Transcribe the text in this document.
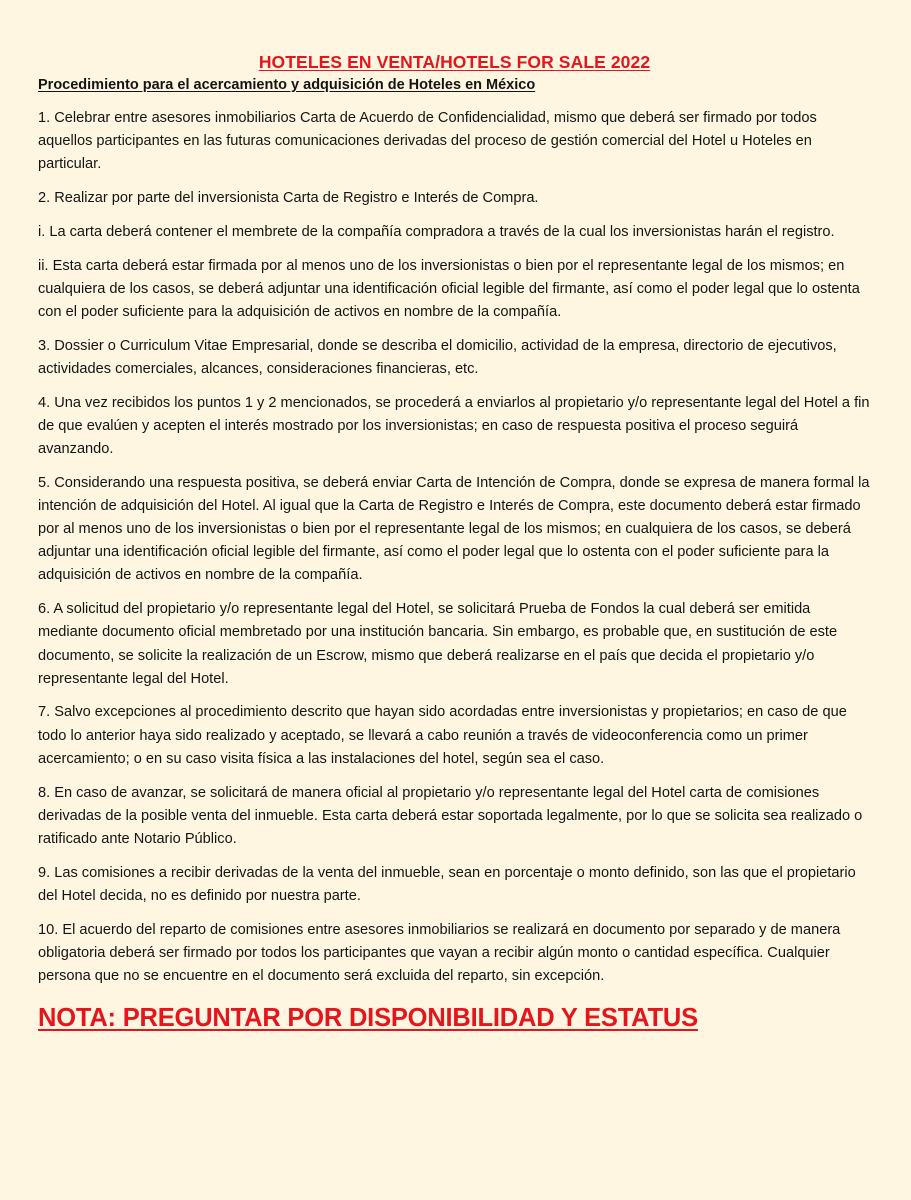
HOTELES EN VENTA/HOTELS FOR SALE 2022
Procedimiento para el acercamiento y adquisición de Hoteles en México
1. Celebrar entre asesores inmobiliarios Carta de Acuerdo de Confidencialidad, mismo que deberá ser firmado por todos aquellos participantes en las futuras comunicaciones derivadas del proceso de gestión comercial del Hotel u Hoteles en particular.
2. Realizar por parte del inversionista Carta de Registro e Interés de Compra.
i. La carta deberá contener el membrete de la compañía compradora a través de la cual los inversionistas harán el registro.
ii. Esta carta deberá estar firmada por al menos uno de los inversionistas o bien por el representante legal de los mismos; en cualquiera de los casos, se deberá adjuntar una identificación oficial legible del firmante, así como el poder legal que lo ostenta con el poder suficiente para la adquisición de activos en nombre de la compañía.
3. Dossier o Curriculum Vitae Empresarial, donde se describa el domicilio, actividad de la empresa, directorio de ejecutivos, actividades comerciales, alcances, consideraciones financieras, etc.
4. Una vez recibidos los puntos 1 y 2 mencionados, se procederá a enviarlos al propietario y/o representante legal del Hotel a fin de que evalúen y acepten el interés mostrado por los inversionistas; en caso de respuesta positiva el proceso seguirá avanzando.
5. Considerando una respuesta positiva, se deberá enviar Carta de Intención de Compra, donde se expresa de manera formal la intención de adquisición del Hotel. Al igual que la Carta de Registro e Interés de Compra, este documento deberá estar firmado por al menos uno de los inversionistas o bien por el representante legal de los mismos; en cualquiera de los casos, se deberá adjuntar una identificación oficial legible del firmante, así como el poder legal que lo ostenta con el poder suficiente para la adquisición de activos en nombre de la compañía.
6. A solicitud del propietario y/o representante legal del Hotel, se solicitará Prueba de Fondos la cual deberá ser emitida mediante documento oficial membretado por una institución bancaria. Sin embargo, es probable que, en sustitución de este documento, se solicite la realización de un Escrow, mismo que deberá realizarse en el país que decida el propietario y/o representante legal del Hotel.
7. Salvo excepciones al procedimiento descrito que hayan sido acordadas entre inversionistas y propietarios; en caso de que todo lo anterior haya sido realizado y aceptado, se llevará a cabo reunión a través de videoconferencia como un primer acercamiento; o en su caso visita física a las instalaciones del hotel, según sea el caso.
8. En caso de avanzar, se solicitará de manera oficial al propietario y/o representante legal del Hotel carta de comisiones derivadas de la posible venta del inmueble. Esta carta deberá estar soportada legalmente, por lo que se solicita sea realizado o ratificado ante Notario Público.
9. Las comisiones a recibir derivadas de la venta del inmueble, sean en porcentaje o monto definido, son las que el propietario del Hotel decida, no es definido por nuestra parte.
10. El acuerdo del reparto de comisiones entre asesores inmobiliarios se realizará en documento por separado y de manera obligatoria deberá ser firmado por todos los participantes que vayan a recibir algún monto o cantidad específica. Cualquier persona que no se encuentre en el documento será excluida del reparto, sin excepción.
NOTA: PREGUNTAR POR DISPONIBILIDAD Y ESTATUS
